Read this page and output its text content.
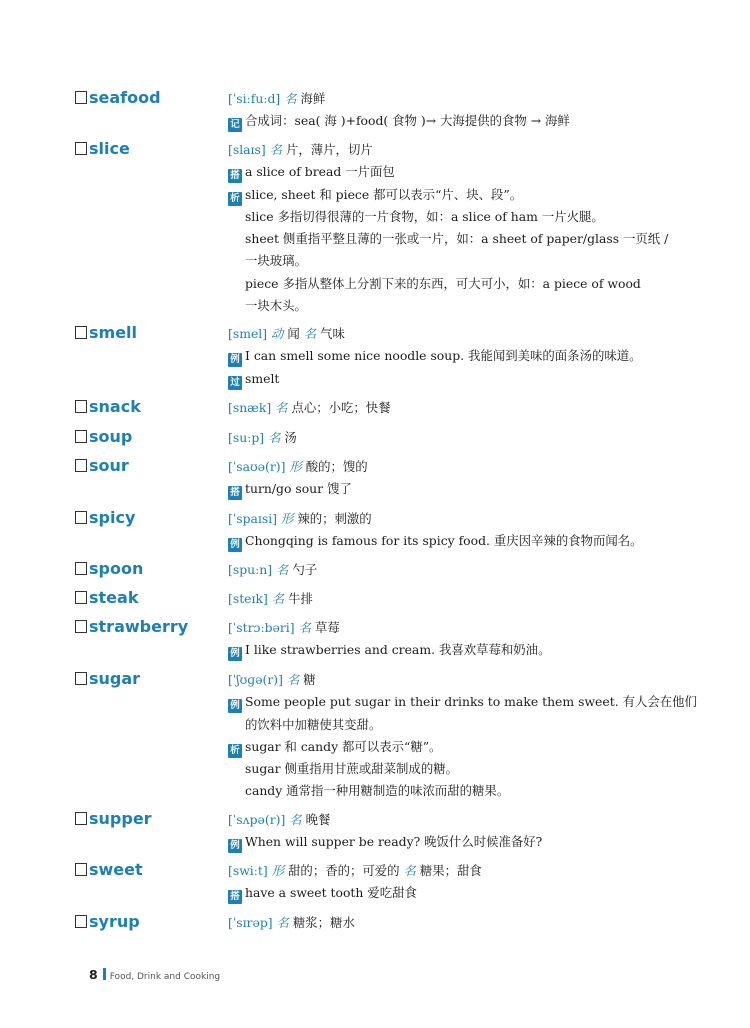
seafood	[ˈsiːfuːd] 名 海鲜
记 合成词：sea( 海 )+food( 食物 )→ 大海提供的食物 → 海鲜
slice	[slaɪs] 名 片，薄片，切片
搭 a slice of bread 一片面包
析 slice, sheet 和 piece 都可以表示“片、块、段”。
slice 多指切得很薄的一片食物，如：a slice of ham 一片火腿。
sheet 侧重指平整且薄的一张或一片，如：a sheet of paper/glass 一页纸 /
一块玻璃。
piece 多指从整体上分割下来的东西，可大可小，如：a piece of wood
一块木头。
smell	[smel] 动 闻 名 气味
例 I can smell some nice noodle soup. 我能闻到美味的面条汤的味道。
过 smelt
snack	[snæk] 名 点心；小吃；快餐
soup	[suːp] 名 汤
sour	[ˈsaʊə(r)] 形 酸的；馊的
搭 turn/go sour 馊了
spicy	[ˈspaɪsi] 形 辣的；刺激的
例 Chongqing is famous for its spicy food. 重庆因辛辣的食物而闻名。
spoon	[spuːn] 名 勺子
steak	[steɪk] 名 牛排
strawberry	[ˈstrɔːbəri] 名 草莓
例 I like strawberries and cream. 我喜欢草莓和奶油。
sugar	[ˈʃʊɡə(r)] 名 糖
例 Some people put sugar in their drinks to make them sweet. 有人会在他们
的饮料中加糖使其变甜。
析 sugar 和 candy 都可以表示“糖”。
sugar 侧重指用甘蔗或甜菜制成的糖。
candy 通常指一种用糖制造的味浓而甜的糖果。
supper	[ˈsʌpə(r)] 名 晚餐
例 When will supper be ready? 晚饭什么时候准备好?
sweet	[swiːt] 形 甜的；香的；可爱的 名 糖果；甜食
搭 have a sweet tooth 爱吃甜食
syrup	[ˈsɪrəp] 名 糖浆；糖水
8 Food, Drink and Cooking
